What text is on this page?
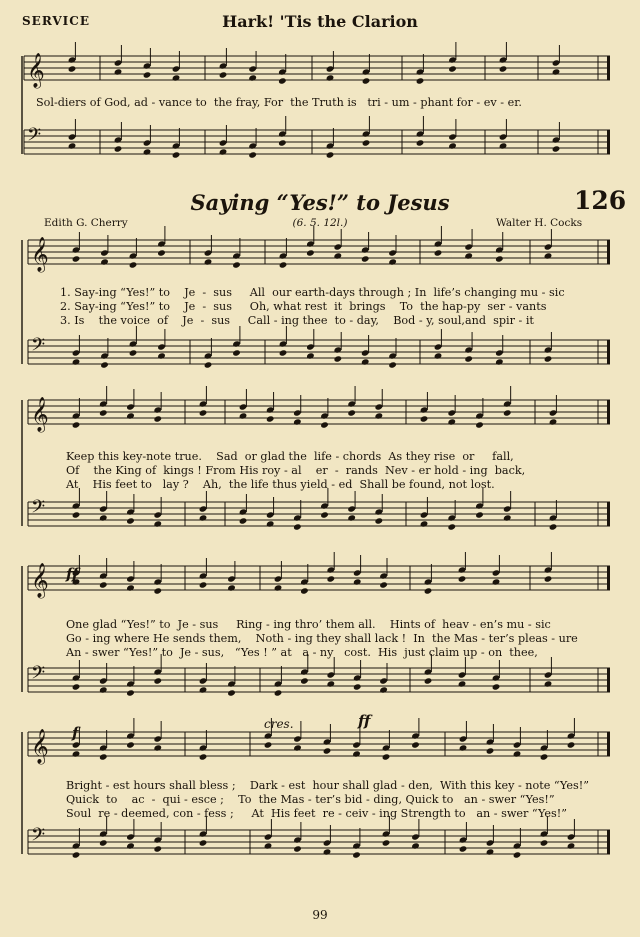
SERVICE	Hark! 'Tis the Clarion
𝄞
𝄢
𝄞
𝄢
𝄞
𝄢
𝄞
𝄢
𝄞
𝄢
Sol-diers of God, ad - vance to  the fray, For  the Truth is   tri - um - phant for - ev - er.
Saying “Yes!” to Jesus	126
Edith G. Cherry	(6. 5. 12l.)	Walter H. Cocks
1. Say-ing “Yes!” to    Je  -  sus     All  our earth-days through ; In  life’s changing mu - sic
2. Say-ing “Yes!” to    Je  -  sus     Oh, what rest  it  brings    To  the hap-py  ser - vants
3. Is    the voice  of    Je  -  sus     Call - ing thee  to - day,    Bod - y, soul,and  spir - it
Keep this key-note true.    Sad  or glad the  life - chords  As they rise  or     fall,
Of    the King of  kings ! From His roy - al    er  -  rands  Nev - er hold - ing  back,
At    His feet to   lay ?    Ah,  the life thus yield - ed  Shall be found, not lost.
One glad “Yes!” to  Je - sus     Ring - ing thro’ them all.    Hints of  heav - en’s mu - sic
Go - ing where He sends them,    Noth - ing they shall lack !  In  the Mas - ter’s pleas - ure
An - swer “Yes!” to  Je - sus,   “Yes ! ” at   a - ny   cost.  His  just claim up - on  thee,
Bright - est hours shall bless ;    Dark - est  hour shall glad - den,  With this key - note “Yes!”
Quick  to    ac  -  qui - esce ;    To  the Mas - ter’s bid - ding, Quick to   an - swer “Yes!”
Soul  re - deemed, con - fess ;     At  His feet  re - ceiv - ing Strength to   an - swer “Yes!”
ff
f	cres.	ff
99
